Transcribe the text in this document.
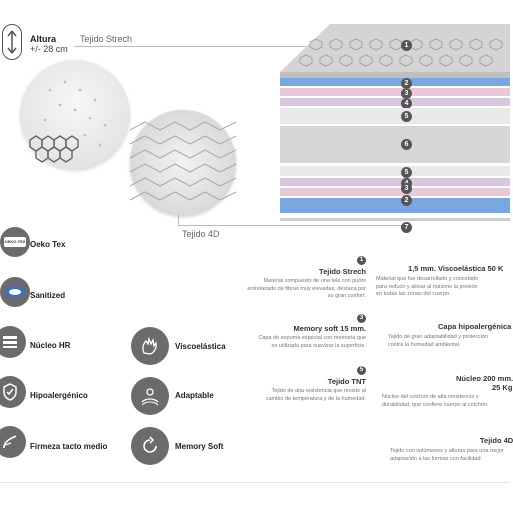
Altura
+/- 28 cm
Tejido Strech
Tejido 4D
1
2
3
4
5
6
5
3
2
7
OEKO-TEX Oeko Tex
Sanitized
Núcleo HR
Hipoalergénico
Firmeza tacto medio
Viscoelástica
Adaptable
Memory Soft
1
Tejido Strech
Material compuesto de una tela con punto
entrelazado de fibras muy elevadas, destaca por
su gran confort.
3
Memory soft 15 mm.
Capa de espuma especial con memoria que
es utilizada para suavizar la superficie.
5
Tejido TNT
Tejido de alta resistencia que resiste al
cambio de temperatura y de la humedad.
1,5 mm. Viscoelástica 50 K
Material que fue desarrollado y concebido
para reducir y aliviar al máximo la presión
en todas las zonas del cuerpo.
Capa hipoalergénica
Tejido de gran adaptabilidad y protección
contra la humedad ambiental.
Núcleo 200 mm.
25 Kg
Núcleo del colchón de alta resistencia y
durabilidad, que confiere cuerpo al colchón.
Tejido 4D
Tejido con volúmenes y alturas para una mejor
adaptación a las formas con facilidad.
